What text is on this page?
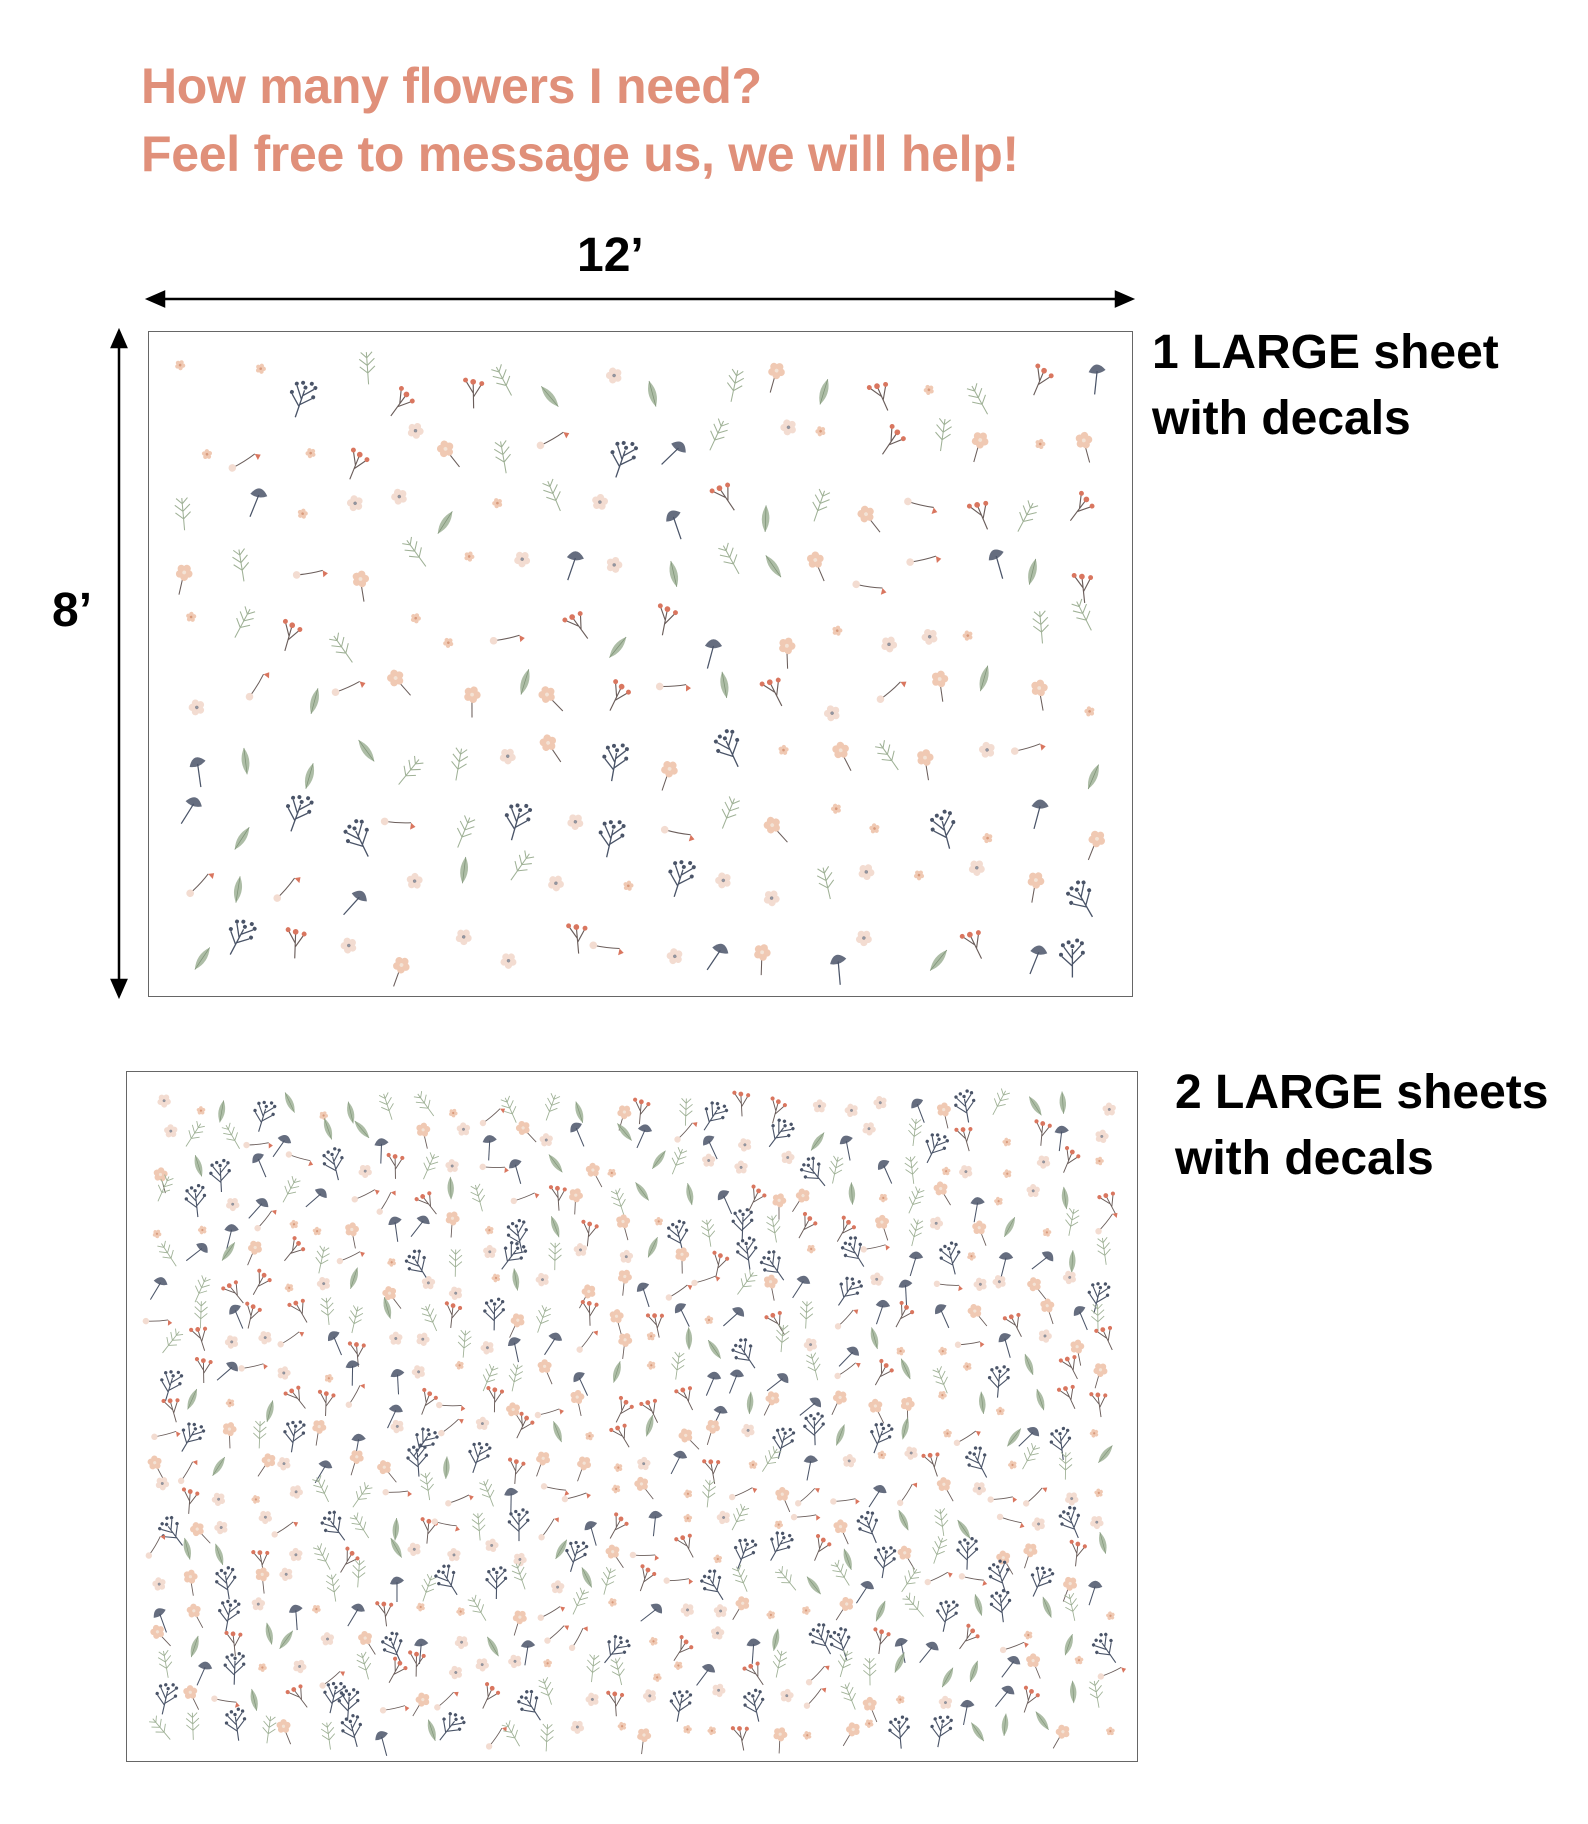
How many flowers I need?
Feel free to message us, we will help!
12’
8’

1 LARGE sheet
with decals

2 LARGE sheets
with decals
